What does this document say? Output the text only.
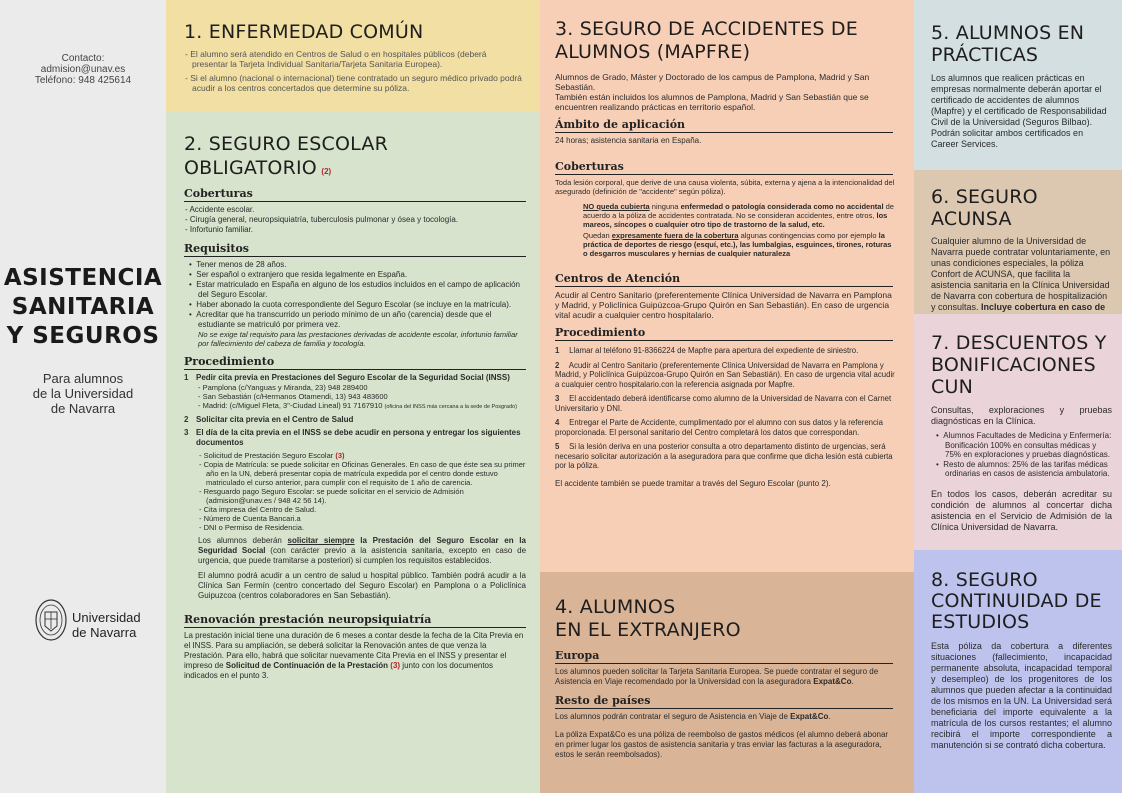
Contacto:
admision@unav.es
Teléfono: 948 425614
ASISTENCIA
SANITARIA
Y SEGUROS
Para alumnos
de la Universidad
de Navarra
Universidad
de Navarra
1. ENFERMEDAD COMÚN
- El alumno será atendido en Centros de Salud o en hospitales públicos (deberá presentar la Tarjeta Individual Sanitaria/Tarjeta Sanitaria Europea).
- Si el alumno (nacional o internacional) tiene contratado un seguro médico privado podrá acudir a los centros concertados que determine su póliza.
2. SEGURO ESCOLAR OBLIGATORIO (2)
Coberturas
- Accidente escolar.
- Cirugía general, neuropsiquiatría, tuberculosis pulmonar y ósea y tocología.
- Infortunio familiar.
Requisitos
•  Tener menos de 28 años.
•  Ser español o extranjero que resida legalmente en España.
•  Estar matriculado en España en alguno de los estudios incluidos en el campo de aplicación del Seguro Escolar.
•  Haber abonado la cuota correspondiente del Seguro Escolar (se incluye en la matrícula).
•  Acreditar que ha transcurrido un periodo mínimo de un año (carencia) desde que el estudiante se matriculó por primera vez.
No se exige tal requisito para las prestaciones derivadas de accidente escolar, infortunio familiar por fallecimiento del cabeza de familia y tocología.
Procedimiento
1 Pedir cita previa en Prestaciones del Seguro Escolar de la Seguridad Social (INSS)
- Pamplona (c/Yanguas y Miranda, 23) 948 289400
- San Sebastián (c/Hermanos Otamendi, 13) 943 483600
- Madrid: (c/Miguel Fleta, 3"-Ciudad Lineal) 91 7167910 (oficina del INSS más cercana a la sede de Posgrado)
2 Solicitar cita previa en el Centro de Salud
3 El día de la cita previa en el INSS se debe acudir en persona y entregar los siguientes documentos
- Solicitud de Prestación Seguro Escolar (3)
- Copia de Matrícula: se puede solicitar en Oficinas Generales. En caso de que éste sea su primer año en la UN, deberá presentar copia de matrícula expedida por el centro donde estuvo matriculado el curso anterior, para cumplir con el requisito de 1 año de carencia.
- Resguardo pago Seguro Escolar: se puede solicitar en el servicio de Admisión (admision@unav.es / 948 42 56 14).
- Cita impresa del Centro de Salud.
- Número de Cuenta Bancari.a
- DNI o Permiso de Residencia.
Los alumnos deberán solicitar siempre la Prestación del Seguro Escolar en la Seguridad Social (con carácter previo a la asistencia sanitaria, excepto en caso de urgencia, que puede tramitarse a posteriori) si cumplen los requisitos establecidos.
El alumno podrá acudir a un centro de salud u hospital público. También podrá acudir a la Clínica San Fermín (centro concertado del Seguro Escolar) en Pamplona o a Policlínica Guipuzcoa (centros colaboradores en San Sebastián).
Renovación prestación neuropsiquiatría
La prestación inicial tiene una duración de 6 meses a contar desde la fecha de la Cita Previa en el INSS. Para su ampliación, se deberá solicitar la Renovación antes de que venza la Prestación. Para ello, habrá que solicitar nuevamente Cita Previa en el INSS y presentar el impreso de Solicitud de Continuación de la Prestación (3) junto con los documentos indicados en el punto 3.
3. SEGURO DE ACCIDENTES DE ALUMNOS (MAPFRE)
Alumnos de Grado, Máster y Doctorado de los campus de Pamplona, Madrid y San Sebastián.
También están incluidos los alumnos de Pamplona, Madrid y San Sebastián que se encuentren realizando prácticas en territorio español.
Ámbito de aplicación
24 horas; asistencia sanitaria en España.
Coberturas
Toda lesión corporal, que derive de una causa violenta, súbita, externa y ajena a la intencionalidad del asegurado (definición de "accidente" según póliza).
NO queda cubierta ninguna enfermedad o patología considerada como no accidental de acuerdo a la póliza de accidentes contratada. No se consideran accidentes, entre otros, los mareos, síncopes o cualquier otro tipo de trastorno de la salud, etc.
Quedan expresamente fuera de la cobertura algunas contingencias como por ejemplo la práctica de deportes de riesgo (esquí, etc.), las lumbalgias, esguinces, tirones, roturas o desgarros musculares y hernias de cualquier naturaleza
Centros de Atención
Acudir al Centro Sanitario (preferentemente Clínica Universidad de Navarra en Pamplona y Madrid, y Policlínica Guipúzcoa-Grupo Quirón en San Sebastián). En caso de urgencia vital acudir a cualquier centro hospitalario.
Procedimiento
1 Llamar al teléfono 91-8366224 de Mapfre para apertura del expediente de siniestro.
2 Acudir al Centro Sanitario (preferentemente Clínica Universidad de Navarra en Pamplona y Madrid, y Policlínica Guipúzcoa-Grupo Quirón en San Sebastián). En caso de urgencia vital acudir a cualquier centro hospitalario.con la referencia asignada por Mapfre.
3 El accidentado deberá identificarse como alumno de la Universidad de Navarra con el Carnet Universitario y DNI.
4 Entregar el Parte de Accidente, cumplimentado por el alumno con sus datos y la referencia proporcionada. El personal sanitario del Centro completará los datos que correspondan.
5 Si la lesión deriva en una posterior consulta a otro departamento distinto de urgencias, será necesario solicitar autorización a la aseguradora para que confirme que dicha lesión está cubierta por la póliza.
El accidente también se puede tramitar a través del Seguro Escolar (punto 2).
4. ALUMNOS
EN EL EXTRANJERO
Europa
Los alumnos pueden solicitar la Tarjeta Sanitaria Europea. Se puede contratar el seguro de Asistencia en Viaje recomendado por la Universidad con la aseguradora Expat&Co.
Resto de países
Los alumnos podrán contratar el seguro de Asistencia en Viaje de Expat&Co.
La póliza Expat&Co es una póliza de reembolso de gastos médicos (el alumno deberá abonar en primer lugar los gastos de asistencia sanitaria y tras enviar las facturas a la aseguradora, estos le serán reembolsados).
5. ALUMNOS EN PRÁCTICAS
Los alumnos que realicen prácticas en empresas normalmente deberán aportar el certificado de accidentes de alumnos (Mapfre) y el certificado de Responsabilidad Civil de la Universidad (Seguros Bilbao). Podrán solicitar ambos certificados en Career Services.
6. SEGURO ACUNSA
Cualquier alumno de la Universidad de Navarra puede contratar voluntariamente, en unas condiciones especiales, la póliza Confort de ACUNSA, que facilita la asistencia sanitaria en la Clínica Universidad de Navarra con cobertura de hospitalización y consultas. Incluye cobertura en caso de
7. DESCUENTOS Y BONIFICACIONES CUN
Consultas, exploraciones y pruebas diagnósticas en la Clínica.
•  Alumnos Facultades de Medicina y Enfermería: Bonificación 100% en consultas médicas y 75% en exploraciones y pruebas diagnósticas.
•  Resto de alumnos: 25% de las tarifas médicas ordinarias en casos de asistencia ambulatoria.
En todos los casos, deberán acreditar su condición de alumnos al concertar dicha asistencia en el Servicio de Admisión de la Clínica Universidad de Navarra.
8. SEGURO CONTINUIDAD DE ESTUDIOS
Esta póliza da cobertura a diferentes situaciones (fallecimiento, incapacidad permanente absoluta, incapacidad temporal y desempleo) de los progenitores de los alumnos que pueden afectar a la continuidad de los mismos en la UN. La Universidad será beneficiaria del importe equivalente a la matrícula de los cursos restantes; el alumno recibirá el importe correspondiente a manutención si se contrató dicha cobertura.
